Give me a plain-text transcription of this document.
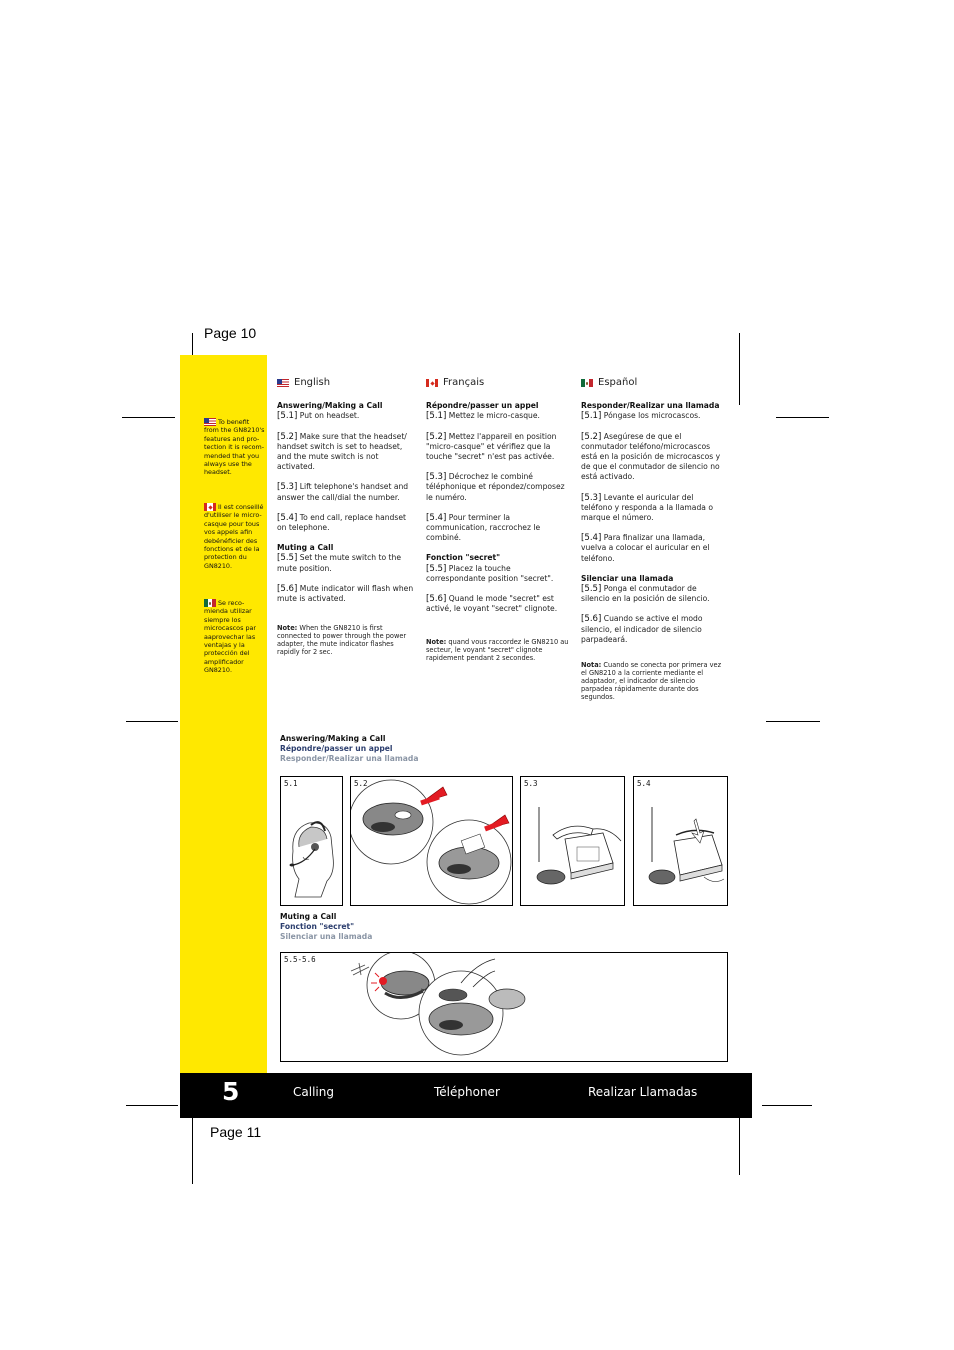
Page 10
To benefit from the GN8210's features and pro-tection it is recom-mended that you always use the headset.
Il est conseillé d'utiliser le micro-casque pour tous vos appels afin debénéficier des fonctions et de la protection du GN8210.
Se reco-mienda utilizar siempre los microcascos par aaprovechar las ventajas y la protección del amplificador GN8210.
English
Answering/Making a Call

[5.1] Put on headset.

[5.2] Make sure that the headset/ handset switch is set to headset, and the mute switch is not activated.

[5.3] Lift telephone's handset and answer the call/dial the number.

[5.4] To end call, replace handset on telephone.

Muting a Call

[5.5] Set the mute switch to the mute position.

[5.6] Mute indicator will flash when mute is activated.

Note: When the GN8210 is first connected to power through the power adapter, the mute indicator flashes rapidly for 2 sec.
Français
Répondre/passer un appel

[5.1] Mettez le micro-casque.

[5.2] Mettez l'appareil en position "micro-casque" et vérifiez que la touche "secret" n'est pas activée.

[5.3] Décrochez le combiné téléphonique et répondez/composez le numéro.

[5.4] Pour terminer la communication, raccrochez le combiné.

Fonction "secret"

[5.5] Placez la touche correspondante position "secret".

[5.6] Quand le mode "secret" est activé, le voyant "secret" clignote.

Note: quand vous raccordez le GN8210 au secteur, le voyant "secret" clignote rapidement pendant 2 secondes.
Español
Responder/Realizar una llamada

[5.1] Póngase los microcascos.

[5.2] Asegúrese de que el conmutador teléfono/microcascos está en la posición de microcascos y de que el conmutador de silencio no está activado.

[5.3] Levante el auricular del teléfono y responda a la llamada o marque el número.

[5.4] Para finalizar una llamada, vuelva a colocar el auricular en el teléfono.

Silenciar una llamada

[5.5] Ponga el conmutador de silencio en la posición de silencio.

[5.6] Cuando se active el modo silencio, el indicador de silencio parpadeará.

Nota: Cuando se conecta por primera vez el GN8210 a la corriente mediante el adaptador, el indicador de silencio parpadea rápidamente durante dos segundos.
Answering/Making a Call
Répondre/passer un appel
Responder/Realizar una llamada
5.1	5.2	5.3	5.4
Muting a Call
Fonction "secret"
Silenciar una llamada
5.5-5.6
5	Calling	Téléphoner	Realizar Llamadas
Page 11
